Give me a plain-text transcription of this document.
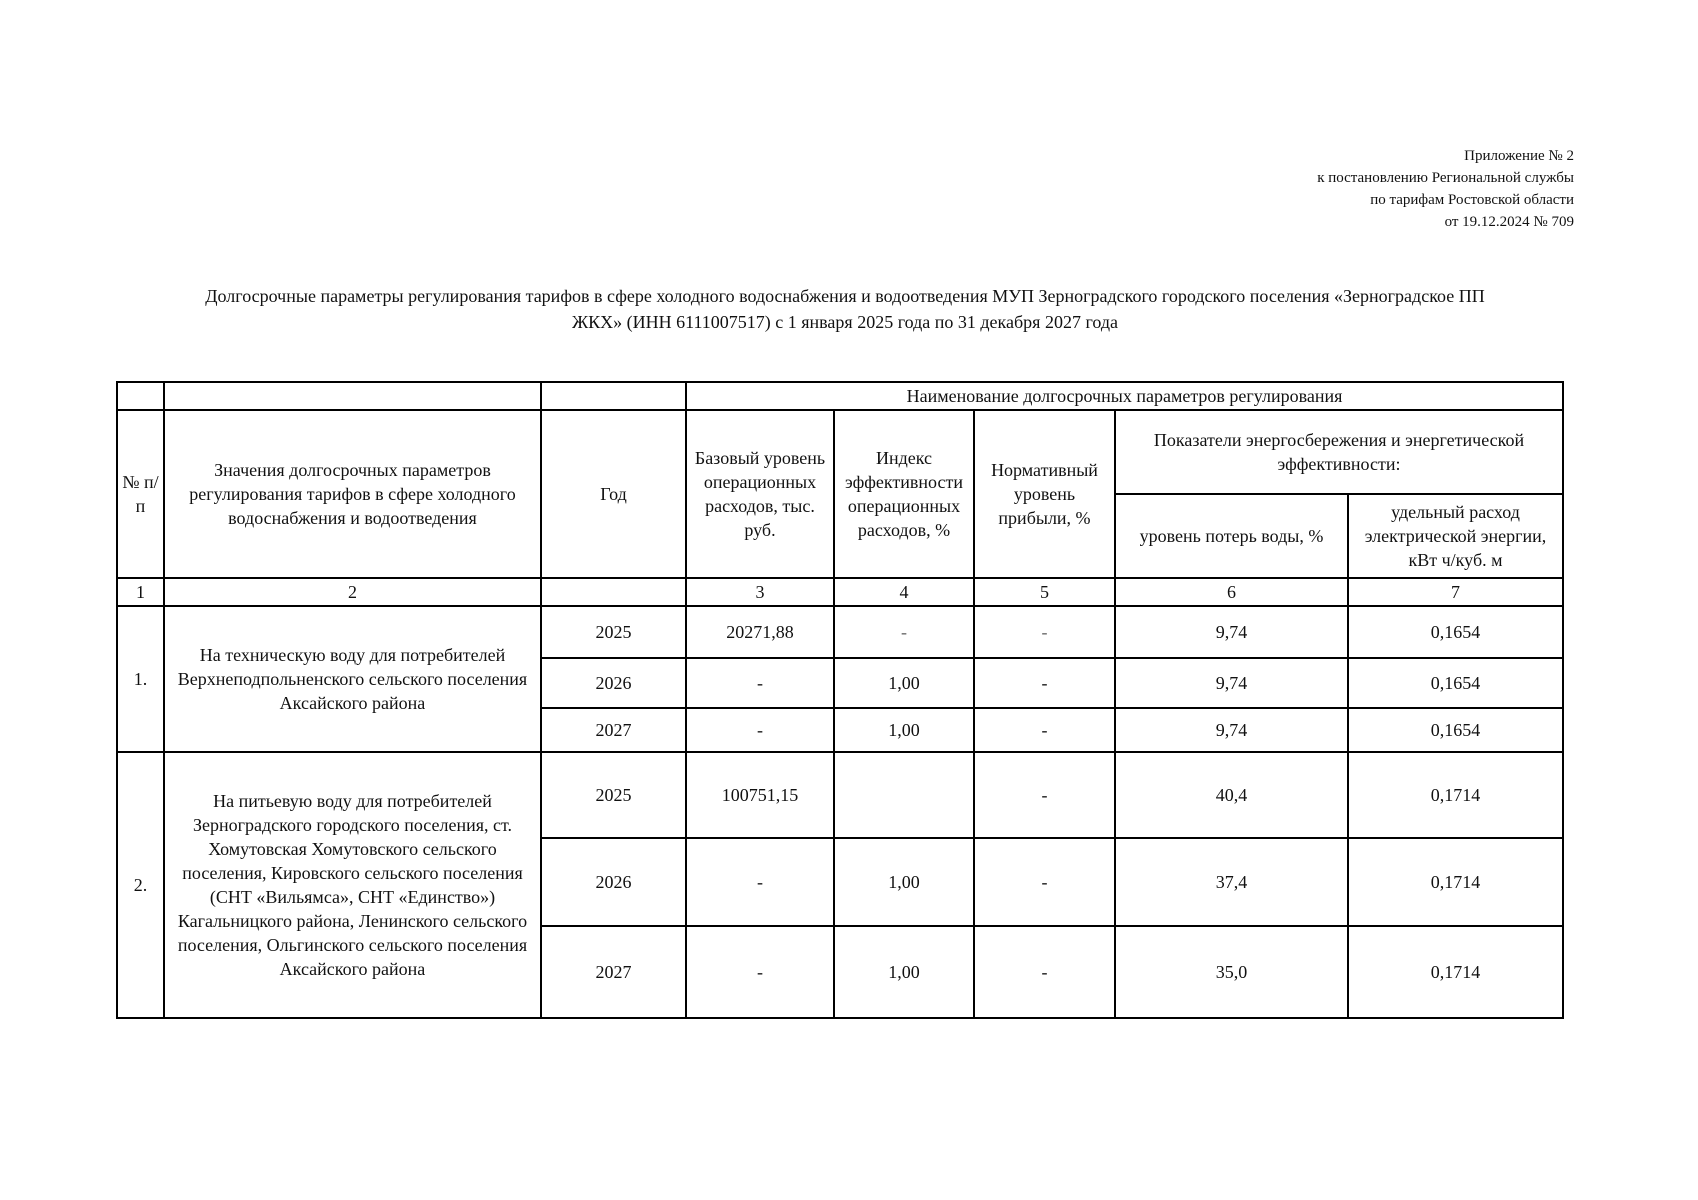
Приложение № 2
к постановлению Региональной службы
по тарифам Ростовской области
от 19.12.2024 № 709
Долгосрочные параметры регулирования тарифов в сфере холодного водоснабжения и водоотведения МУП Зерноградского городского поселения «Зерноградское ПП
ЖКХ» (ИНН 6111007517) с 1 января 2025 года по 31 декабря 2027 года
			Наименование долгосрочных параметров регулирования				
№ п/п	Значения долгосрочных параметров регулирования тарифов в сфере холодного водоснабжения и водоотведения	Год	Базовый уровень операционных расходов, тыс. руб.	Индекс эффективности операционных расходов, %	Нормативный уровень прибыли, %	Показатели энергосбережения и энергетической эффективности:	
						уровень потерь воды, %	удельный расход электрической энергии, кВт ч/куб. м
1	2		3	4	5	6	7
1.	На техническую воду для потребителей Верхнеподпольненского сельского поселения Аксайского района	2025	20271,88	-	-	9,74	0,1654
		2026	-	1,00	-	9,74	0,1654
		2027	-	1,00	-	9,74	0,1654
2.	На питьевую воду для потребителей Зерноградского городского поселения, ст. Хомутовская Хомутовского сельского поселения, Кировского сельского поселения (СНТ «Вильямса», СНТ «Единство») Кагальницкого района, Ленинского сельского поселения, Ольгинского сельского поселения Аксайского района	2025	100751,15		-	40,4	0,1714
		2026	-	1,00	-	37,4	0,1714
		2027	-	1,00	-	35,0	0,1714
